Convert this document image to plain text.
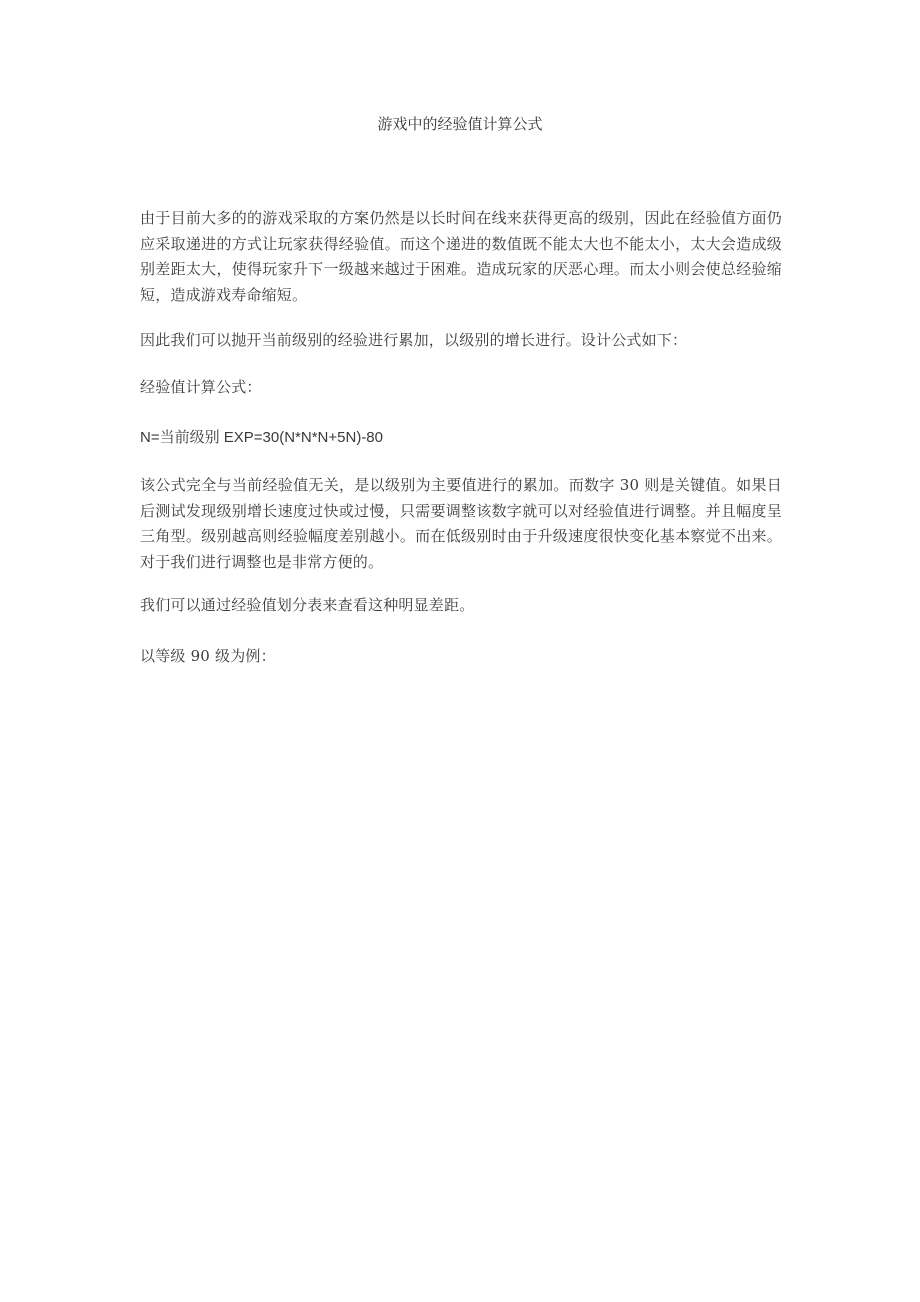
游戏中的经验值计算公式

由于目前大多的的游戏采取的方案仍然是以长时间在线来获得更高的级别，因此在经验值方面仍应采取递进的方式让玩家获得经验值。而这个递进的数值既不能太大也不能太小，太大会造成级别差距太大，使得玩家升下一级越来越过于困难。造成玩家的厌恶心理。而太小则会使总经验缩短，造成游戏寿命缩短。

因此我们可以抛开当前级别的经验进行累加，以级别的增长进行。设计公式如下：

经验值计算公式：

N=当前级别 EXP=30(N*N*N+5N)-80

该公式完全与当前经验值无关，是以级别为主要值进行的累加。而数字 30 则是关键值。如果日后测试发现级别增长速度过快或过慢，只需要调整该数字就可以对经验值进行调整。并且幅度呈三角型。级别越高则经验幅度差别越小。而在低级别时由于升级速度很快变化基本察觉不出来。对于我们进行调整也是非常方便的。

我们可以通过经验值划分表来查看这种明显差距。

以等级 90 级为例：
